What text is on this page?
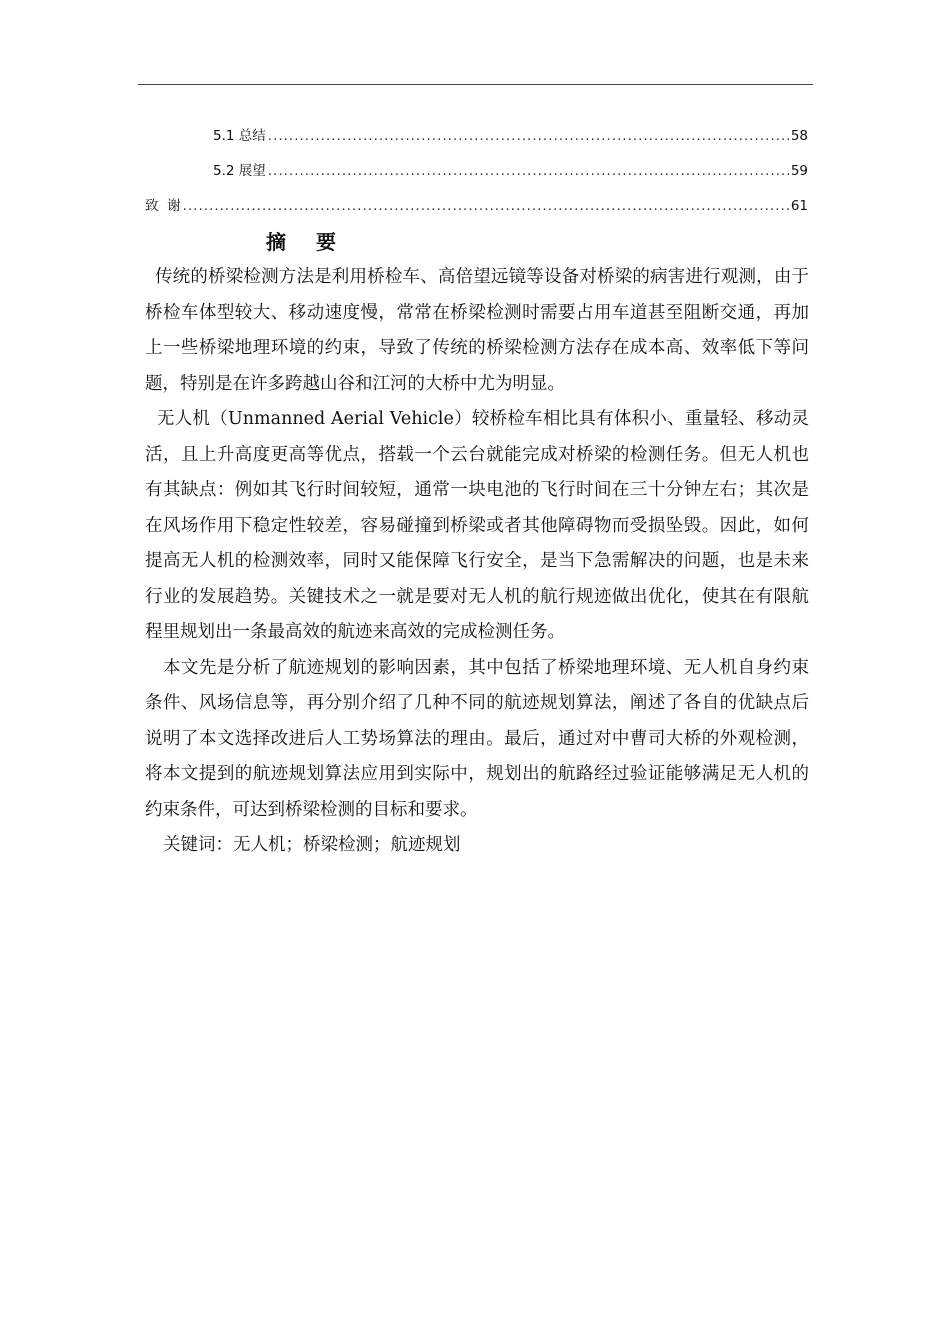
5.1 总结 .....	58
5.2 展望 .....	59
致  谢 .....	61
摘要

传统的桥梁检测方法是利用桥检车、高倍望远镜等设备对桥梁的病害进行观测，由于桥检车体型较大、移动速度慢，常常在桥梁检测时需要占用车道甚至阻断交通，再加上一些桥梁地理环境的约束，导致了传统的桥梁检测方法存在成本高、效率低下等问题，特别是在许多跨越山谷和江河的大桥中尤为明显。

无人机（Unmanned Aerial Vehicle）较桥检车相比具有体积小、重量轻、移动灵活，且上升高度更高等优点，搭载一个云台就能完成对桥梁的检测任务。但无人机也有其缺点：例如其飞行时间较短，通常一块电池的飞行时间在三十分钟左右；其次是在风场作用下稳定性较差，容易碰撞到桥梁或者其他障碍物而受损坠毁。因此，如何提高无人机的检测效率，同时又能保障飞行安全，是当下急需解决的问题，也是未来行业的发展趋势。关键技术之一就是要对无人机的航行规迹做出优化，使其在有限航程里规划出一条最高效的航迹来高效的完成检测任务。

本文先是分析了航迹规划的影响因素，其中包括了桥梁地理环境、无人机自身约束条件、风场信息等，再分别介绍了几种不同的航迹规划算法，阐述了各自的优缺点后说明了本文选择改进后人工势场算法的理由。最后，通过对中曹司大桥的外观检测，将本文提到的航迹规划算法应用到实际中，规划出的航路经过验证能够满足无人机的约束条件，可达到桥梁检测的目标和要求。

关键词：无人机；桥梁检测；航迹规划
